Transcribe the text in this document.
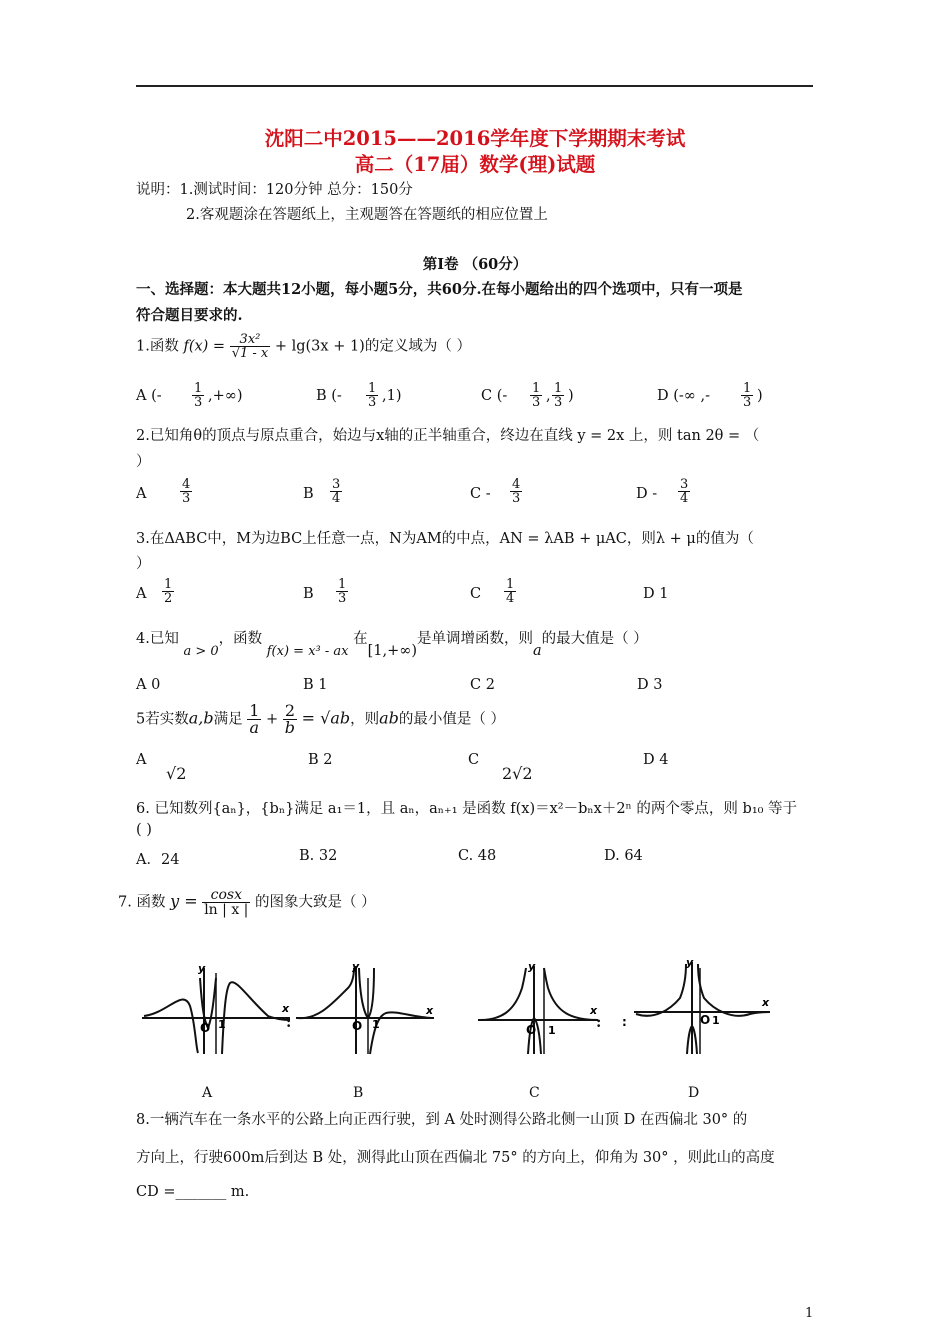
沈阳二中2015——2016学年度下学期期末考试
高二（17届）数学(理)试题
说明：1.测试时间：120分钟 总分：150分
2.客观题涂在答题纸上，主观题答在答题纸的相应位置上
第Ⅰ卷 （60分）
一、选择题：本大题共12小题，每小题5分，共60分.在每小题给出的四个选项中，只有一项是
符合题目要求的.
1.函数 $f(x) = \frac{\text{3x²}}{√1 - x} + \lg(3x + 1)$的定义域为（ ）
A (- $\frac{1}{3}$ ,+∞)	B (- $\frac{1}{3} ,1$)	C (- $\frac{1}{3}$ , $\frac{1}{3}$ )	D (-∞ ,- $\frac{1}{3}$ )
2.已知角θ的顶点与原点重合，始边与x轴的正半轴重合，终边在直线 y = 2x 上，则 tan 2θ = （
）
A	$\frac{4}{3}$	B $\frac{3}{4}$	C - $\frac{4}{3}$	D - $\frac{3}{4}$
3.在ΔABC中，M为边BC上任意一点，N为AM的中点，AN = λAB + μAC，则λ + μ的值为（
）
A $\frac{1}{2}$	B $\frac{1}{3}$	C $\frac{1}{4}$	D 1
4.已知 a > 0，函数 f(x) = x³ - ax 在[1,+∞)是单调增函数，则a的最大值是（ ）
A 0	B 1	C 2	D 3
5若实数a,b满足 $\frac{1}{a} + \frac{2}{b} = √ab$，则ab的最小值是（ ）
A
√2
B 2	C
2√2
D 4
6. 已知数列{aₙ}，{bₙ}满足 a₁＝1，且 aₙ，aₙ₊₁ 是函数 f(x)＝x²－bₙx＋2ⁿ 的两个零点，则 b₁₀ 等于
( )
A．24	B. 32	C. 48	D. 64
7. 函数 $y = \frac{\cos x}{\ln | x |}$ 的图象大致是（ ）
O 1
y
x
O 1
y
x
O 1
y
x
:	O 1
y
x
:	:
A	B	C	D
8.一辆汽车在一条水平的公路上向正西行驶，到 A 处时测得公路北侧一山顶 D 在西偏北 30° 的
方向上，行驶600m后到达 B 处，测得此山顶在西偏北 75° 的方向上，仰角为 30° ，则此山的高度
CD =_______ m.
1
